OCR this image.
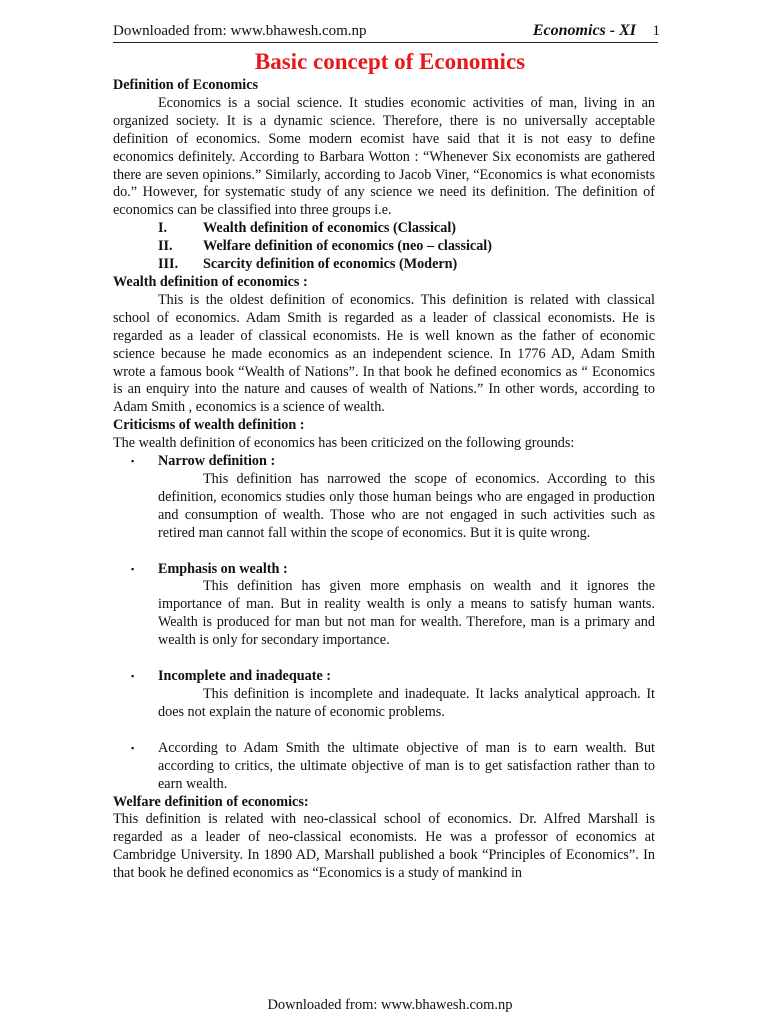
Downloaded from: www.bhawesh.com.np	Economics - XI 1
Basic concept of Economics

Definition of Economics

Economics is a social science. It studies economic activities of man, living in an organized society. It is a dynamic science. Therefore, there is no universally acceptable definition of economics. Some modern ecomist have said that it is not easy to define economics definitely. According to Barbara Wotton : “Whenever Six economists are gathered there are seven opinions.” Similarly, according to Jacob Viner, “Economics is what economists do.” However, for systematic study of any science we need its definition. The definition of economics can be classified into three groups i.e.

I.	Wealth definition of economics (Classical)

II. Welfare definition of economics (neo – classical)

III. Scarcity definition of economics (Modern)

Wealth definition of economics :

This is the oldest definition of economics. This definition is related with classical school of economics. Adam Smith is regarded as a leader of classical economists. He is regarded as a leader of classical economists. He is well known as the father of economic science because he made economics as an independent science. In 1776 AD, Adam Smith wrote a famous book “Wealth of Nations”. In that book he defined economics as “ Economics is an enquiry into the nature and causes of wealth of Nations.” In other words, according to Adam Smith , economics is a science of wealth.

Criticisms of wealth definition :

The wealth definition of economics has been criticized on the following grounds:

▪ Narrow definition :

This definition has narrowed the scope of economics. According to this definition, economics studies only those human beings who are engaged in production and consumption of wealth. Those who are not engaged in such activities such as retired man cannot fall within the scope of economics. But it is quite wrong.

▪ Emphasis on wealth :

This definition has given more emphasis on wealth and it ignores the importance of man. But in reality wealth is only a means to satisfy human wants. Wealth is produced for man but not man for wealth. Therefore, man is a primary and wealth is only for secondary importance.

▪ Incomplete and inadequate :

This definition is incomplete and inadequate. It lacks analytical approach. It does not explain the nature of economic problems.

▪ According to Adam Smith the ultimate objective of man is to earn wealth. But according to critics, the ultimate objective of man is to get satisfaction rather than to earn wealth.

Welfare definition of economics:

This definition is related with neo-classical school of economics. Dr. Alfred Marshall is regarded as a leader of neo-classical economists. He was a professor of economics at Cambridge University. In 1890 AD, Marshall published a book “Principles of Economics”. In that book he defined economics as “Economics is a study of mankind in

Downloaded from: www.bhawesh.com.np
